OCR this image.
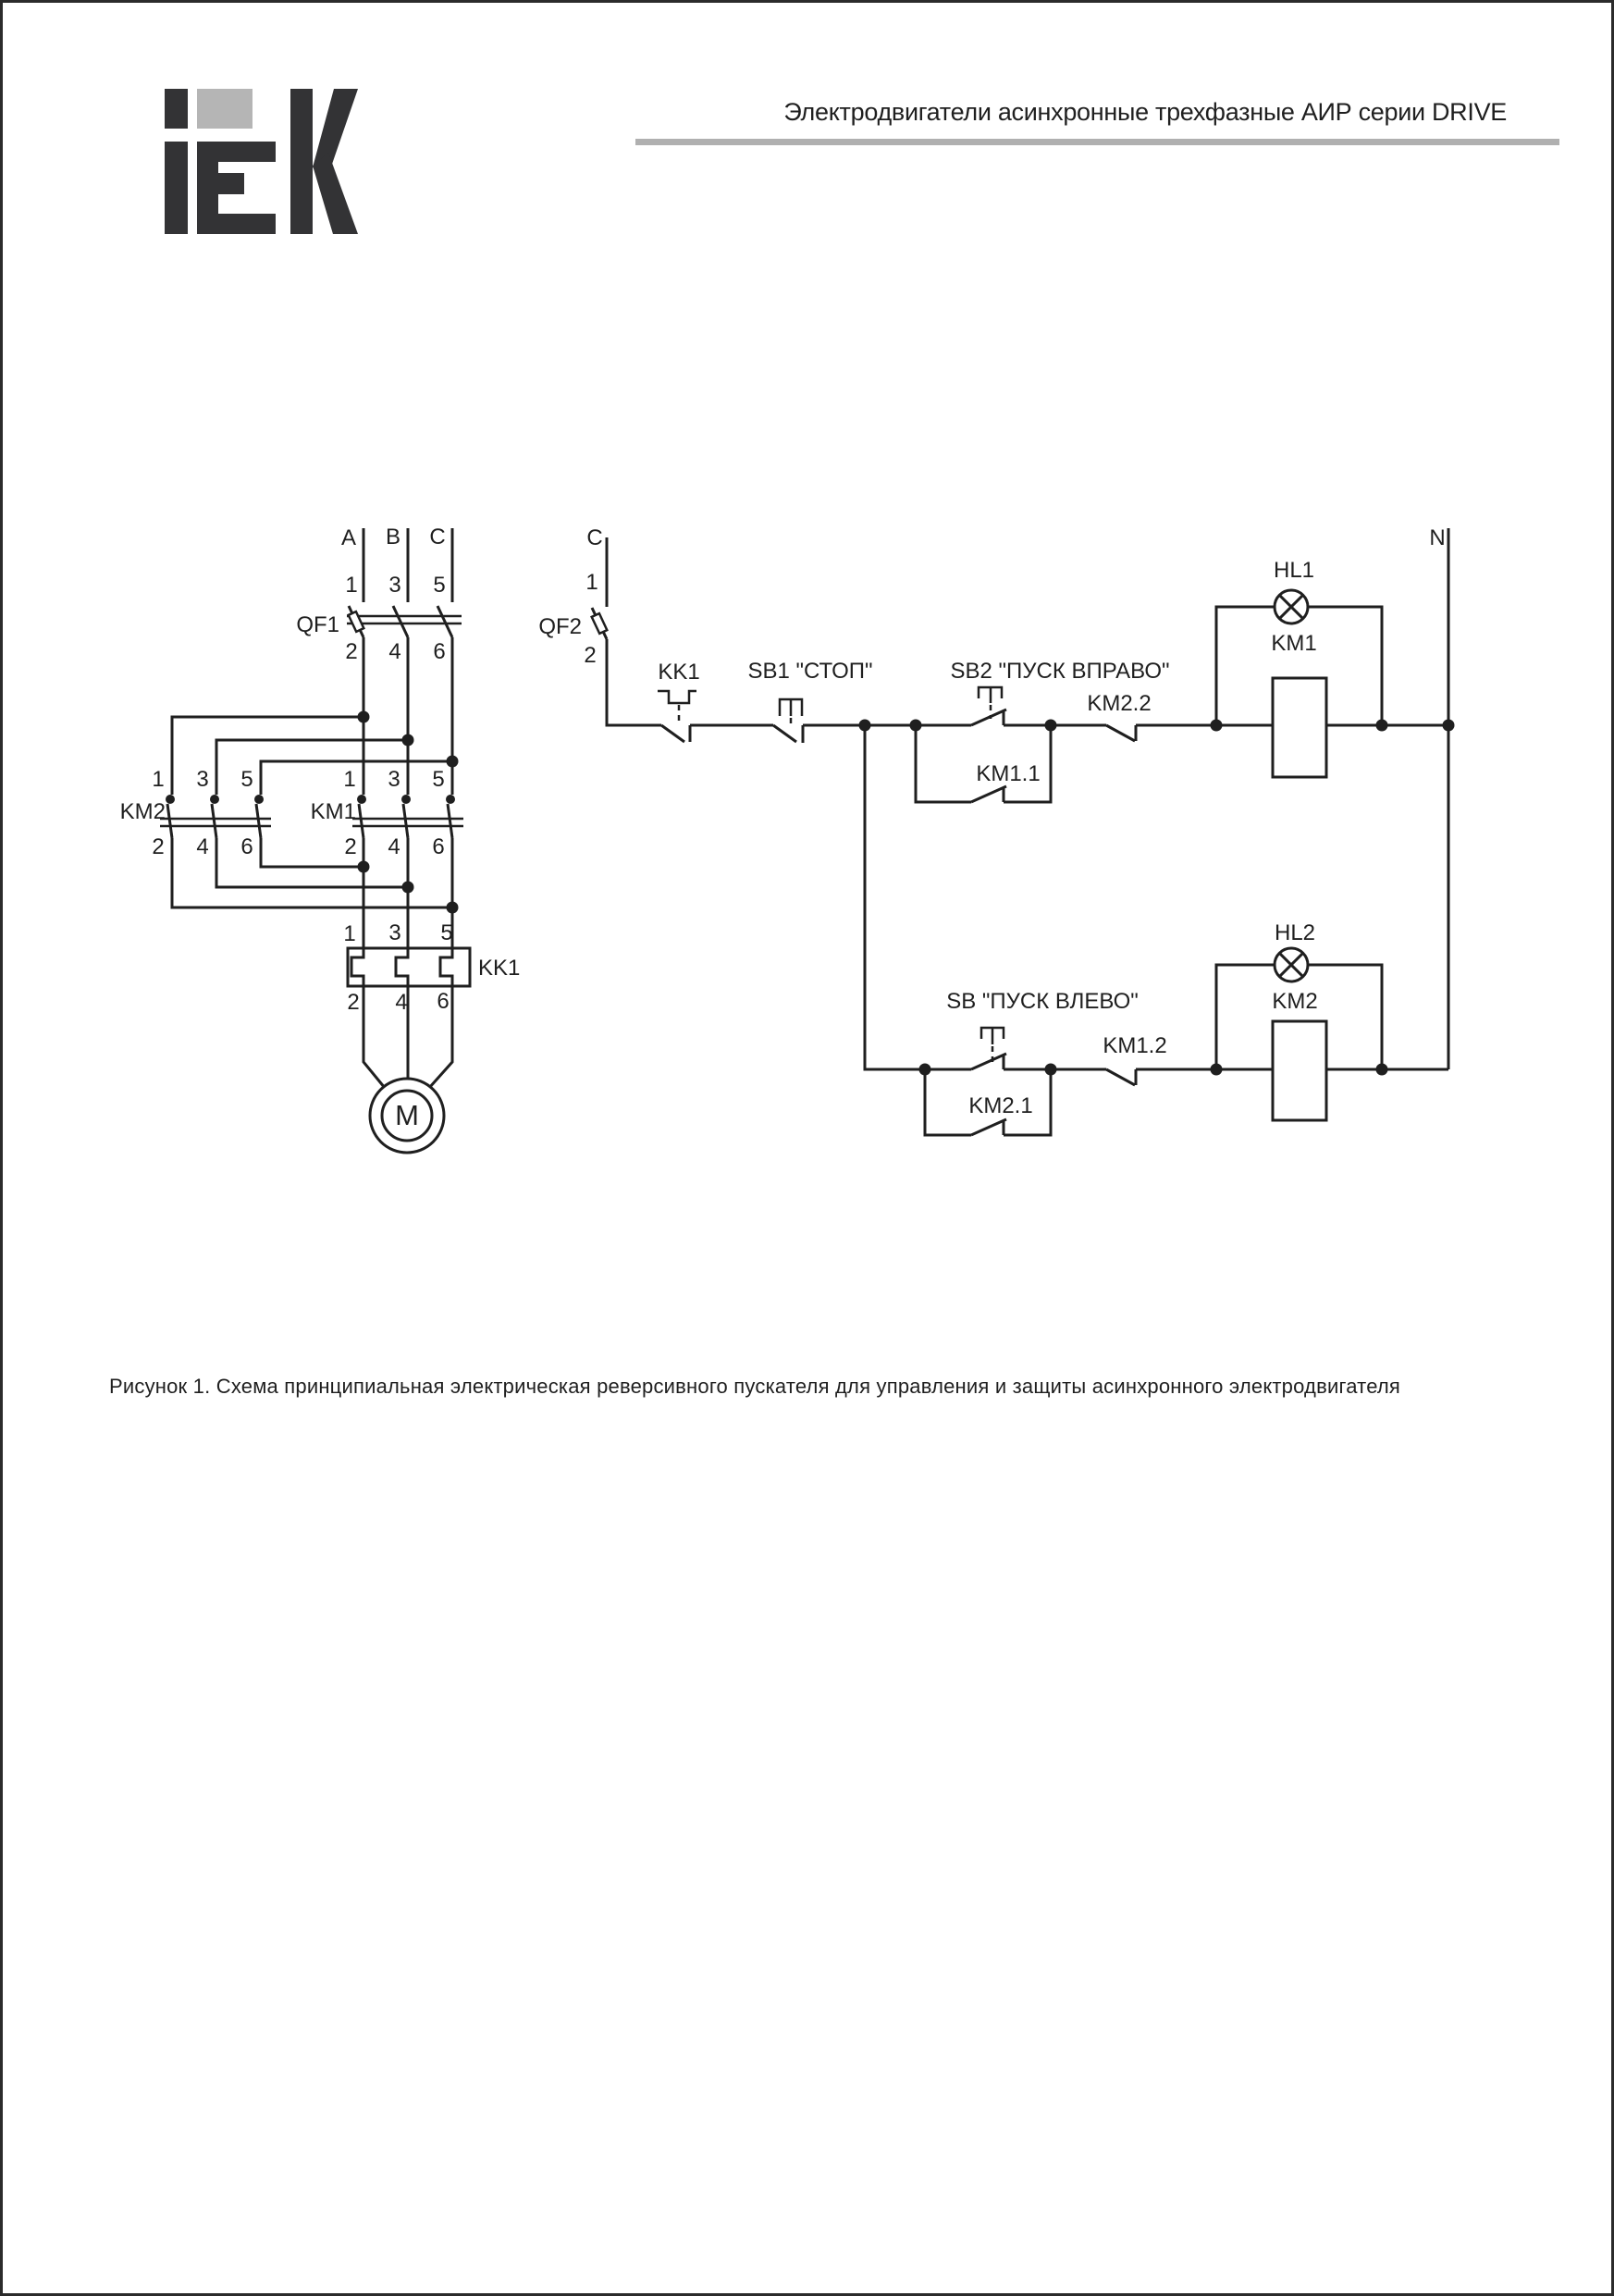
Электродвигатели асинхронные трехфазные АИР серии DRIVE
A B C
1 3 5
QF1
2 4 6
1 3 5
KM2
2 4 6
1 3 5
KM1
2 4 6
1 3 5
KK1
2 4 6
M
C
1
QF2
2
KK1 SB1 "СТОП"	SB2 "ПУСК ВПРАВО"
KM2.2
KM1.1
HL1
KM1
N
SB "ПУСК ВЛЕВО"
KM1.2
KM2.1
HL2
KM2
Рисунок 1. Схема принципиальная электрическая реверсивного пускателя для управления и защиты асинхронного электродвигателя
